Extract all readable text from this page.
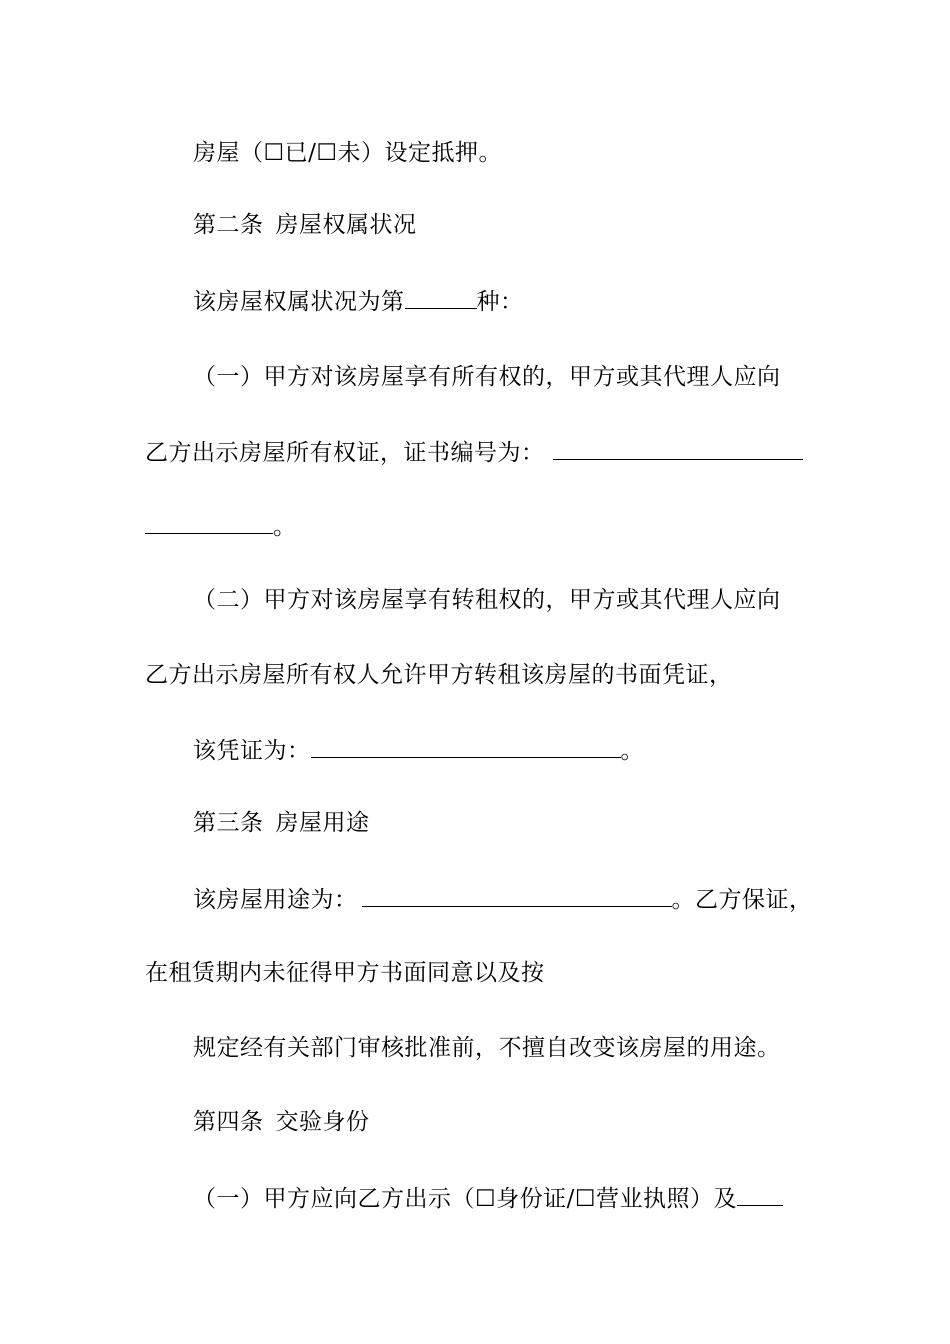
房屋（☐已/☐未）设定抵押。
第二条 房屋权属状况
该房屋权属状况为第	种：
（一）甲方对该房屋享有所有权的，甲方或其代理人应向
乙方出示房屋所有权证，证书编号为：
。
（二）甲方对该房屋享有转租权的，甲方或其代理人应向
乙方出示房屋所有权人允许甲方转租该房屋的书面凭证，
该凭证为：	。
第三条 房屋用途
该房屋用途为：	。乙方保证，
在租赁期内未征得甲方书面同意以及按
规定经有关部门审核批准前，不擅自改变该房屋的用途。
第四条 交验身份
（一）甲方应向乙方出示（☐身份证/☐营业执照）及
